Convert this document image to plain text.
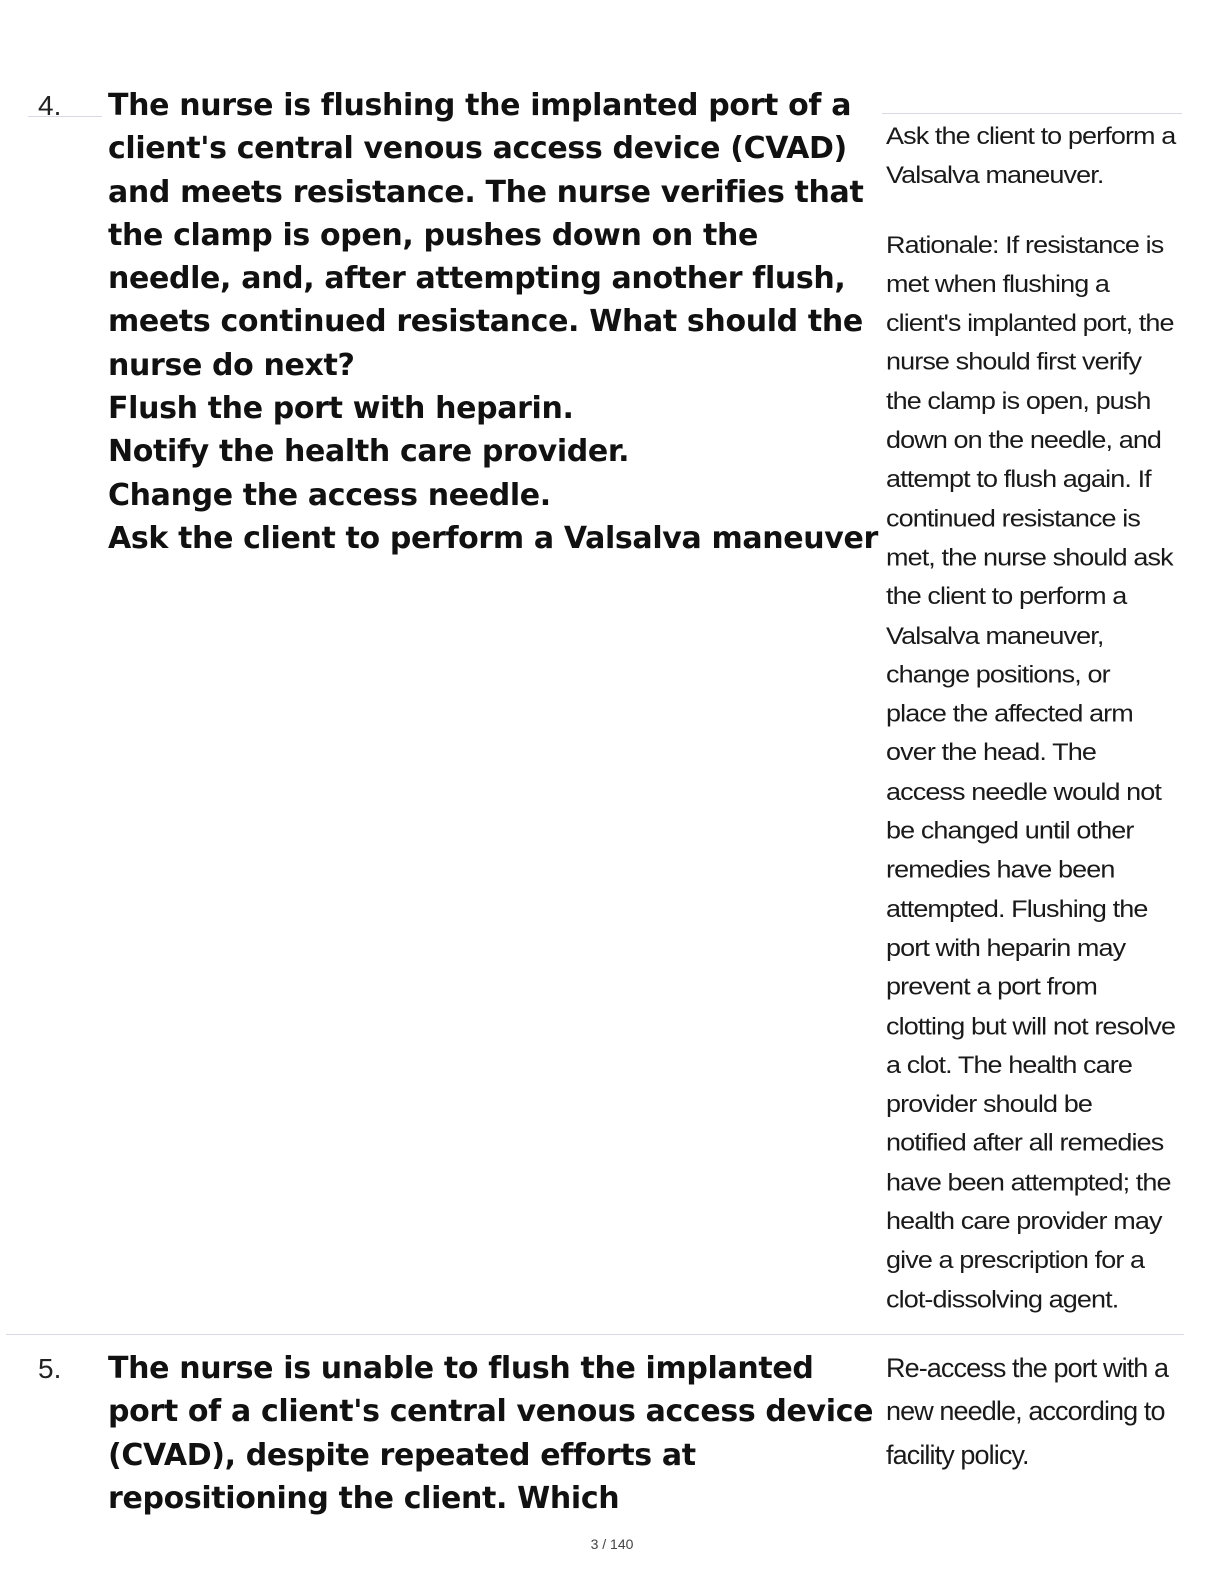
4. The nurse is flushing the implanted port of a client's central venous access device (CVAD) and meets resistance. The nurse verifies that the clamp is open, pushes down on the needle, and, after attempting another flush, meets continued resistance. What should the nurse do next?
Flush the port with heparin.
Notify the health care provider.
Change the access needle.
Ask the client to perform a Valsalva maneuver

Ask the client to perform a Valsalva maneuver.

Rationale: If resistance is met when flushing a client's implanted port, the nurse should first verify the clamp is open, push down on the needle, and attempt to flush again. If continued resistance is met, the nurse should ask the client to perform a Valsalva maneuver, change positions, or place the affected arm over the head. The access needle would not be changed until other remedies have been attempted. Flushing the port with heparin may prevent a port from clotting but will not resolve a clot. The health care provider should be notified after all remedies have been attempted; the health care provider may give a prescription for a clot-dissolving agent.

5. The nurse is unable to flush the implanted port of a client's central venous access device (CVAD), despite repeated efforts at repositioning the client. Which

Re-access the port with a new needle, according to facility policy.

3 / 140
